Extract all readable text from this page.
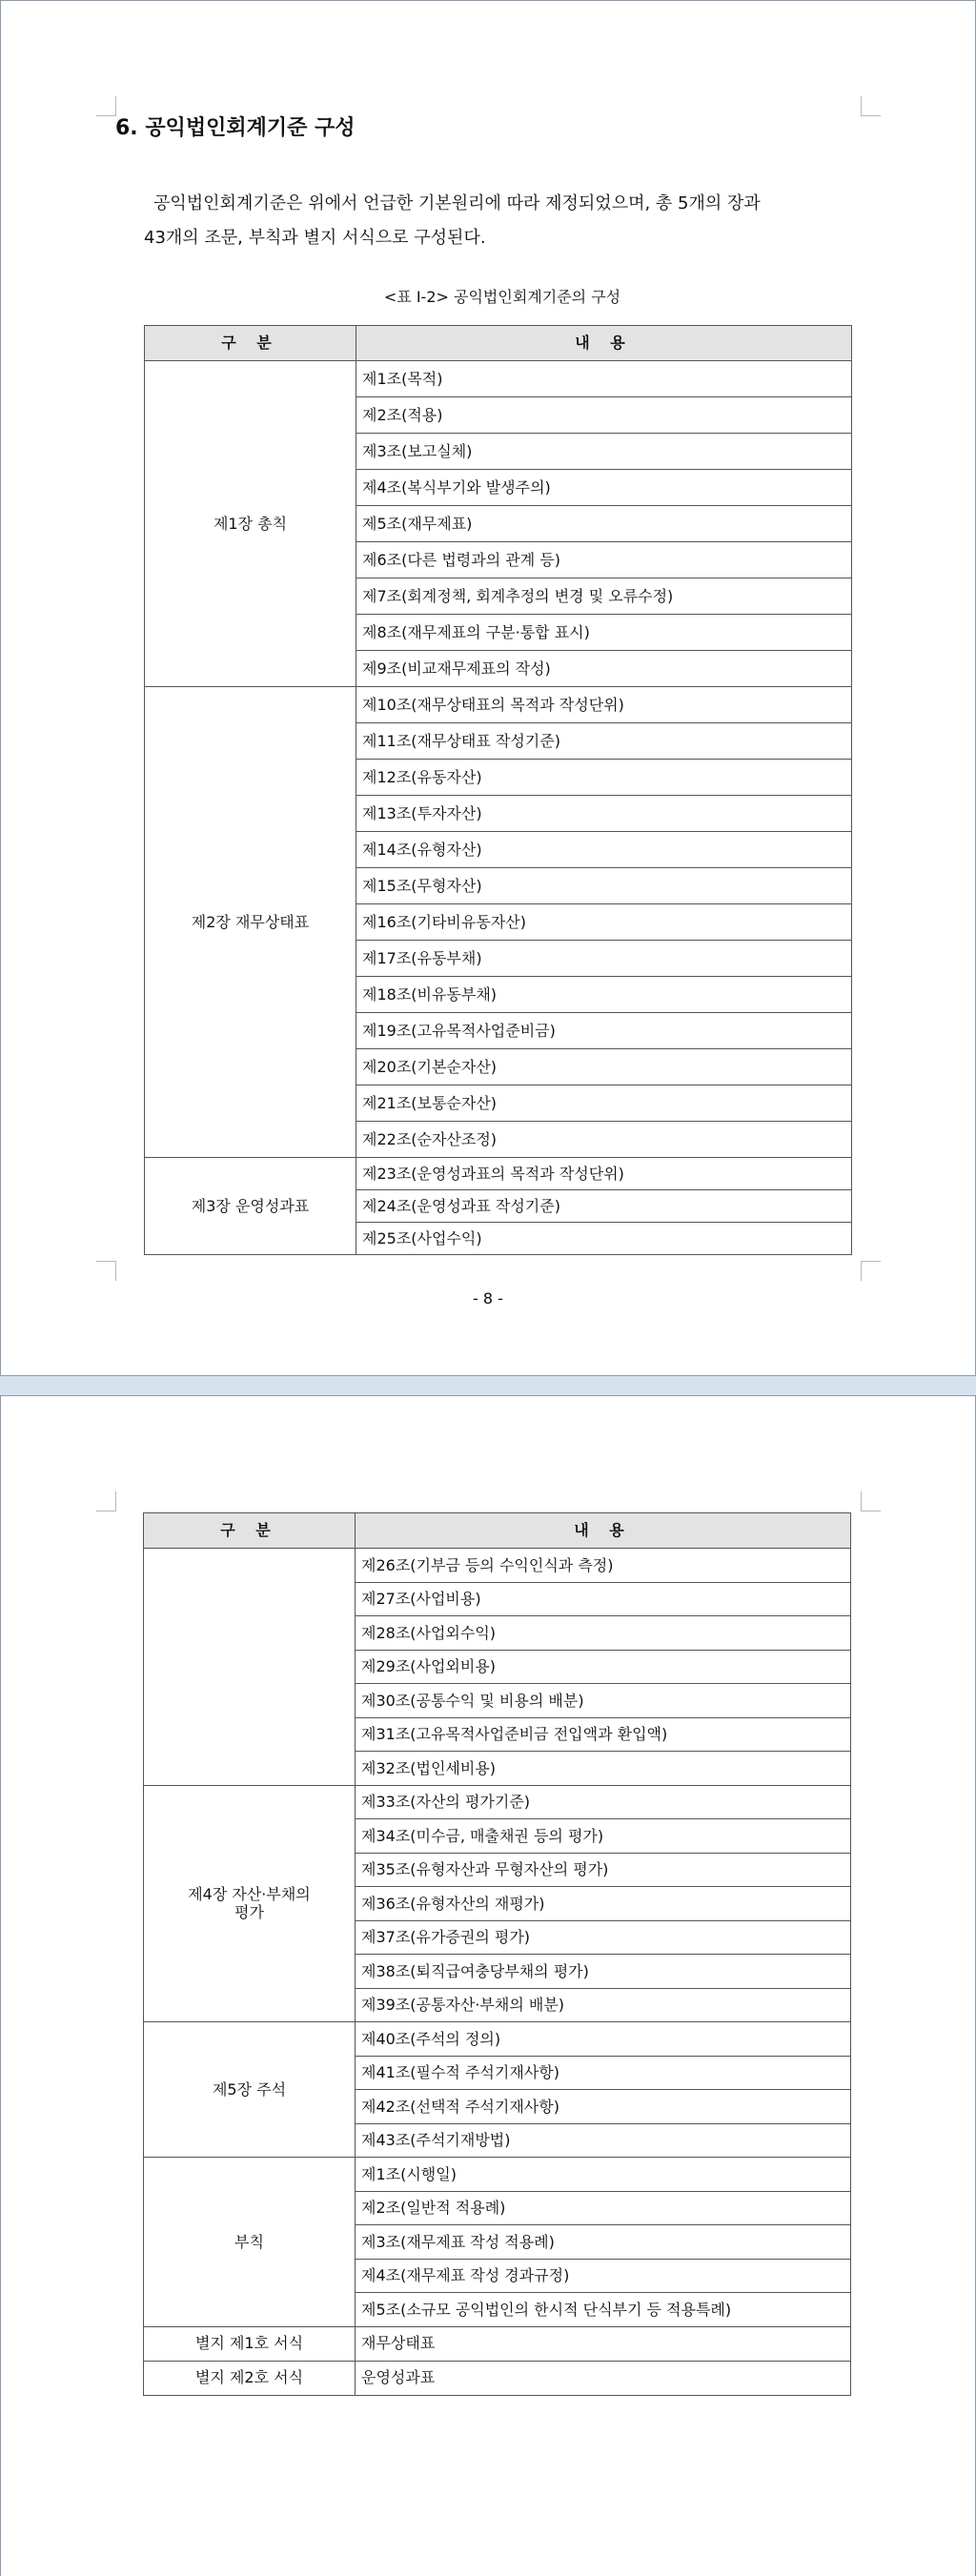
6. 공익법인회계기준 구성

공익법인회계기준은 위에서 언급한 기본원리에 따라 제정되었으며, 총 5개의 장과

43개의 조문, 부칙과 별지 서식으로 구성된다.

<표 Ⅰ-2> 공익법인회계기준의 구성

구 분	내 용
제1장 총칙	제1조(목적)
	제2조(적용)
	제3조(보고실체)
	제4조(복식부기와 발생주의)
	제5조(재무제표)
	제6조(다른 법령과의 관계 등)
	제7조(회계정책, 회계추정의 변경 및 오류수정)
	제8조(재무제표의 구분·통합 표시)
	제9조(비교재무제표의 작성)
제2장 재무상태표	제10조(재무상태표의 목적과 작성단위)
	제11조(재무상태표 작성기준)
	제12조(유동자산)
	제13조(투자자산)
	제14조(유형자산)
	제15조(무형자산)
	제16조(기타비유동자산)
	제17조(유동부채)
	제18조(비유동부채)
	제19조(고유목적사업준비금)
	제20조(기본순자산)
	제21조(보통순자산)
	제22조(순자산조정)
제3장 운영성과표	제23조(운영성과표의 목적과 작성단위)
	제24조(운영성과표 작성기준)
	제25조(사업수익)
- 8 -
구 분	내 용
	제26조(기부금 등의 수익인식과 측정)
	제27조(사업비용)
	제28조(사업외수익)
	제29조(사업외비용)
	제30조(공통수익 및 비용의 배분)
	제31조(고유목적사업준비금 전입액과 환입액)
	제32조(법인세비용)

제4장 자산·부채의
평가	제33조(자산의 평가기준)
	제34조(미수금, 매출채권 등의 평가)
	제35조(유형자산과 무형자산의 평가)
	제36조(유형자산의 재평가)
	제37조(유가증권의 평가)
	제38조(퇴직급여충당부채의 평가)
	제39조(공통자산·부채의 배분)
제5장 주석	제40조(주석의 정의)
	제41조(필수적 주석기재사항)
	제42조(선택적 주석기재사항)
	제43조(주석기재방법)
부칙	제1조(시행일)
	제2조(일반적 적용례)
	제3조(재무제표 작성 적용례)
	제4조(재무제표 작성 경과규정)
	제5조(소규모 공익법인의 한시적 단식부기 등 적용특례)
별지 제1호 서식	재무상태표
별지 제2호 서식	운영성과표
